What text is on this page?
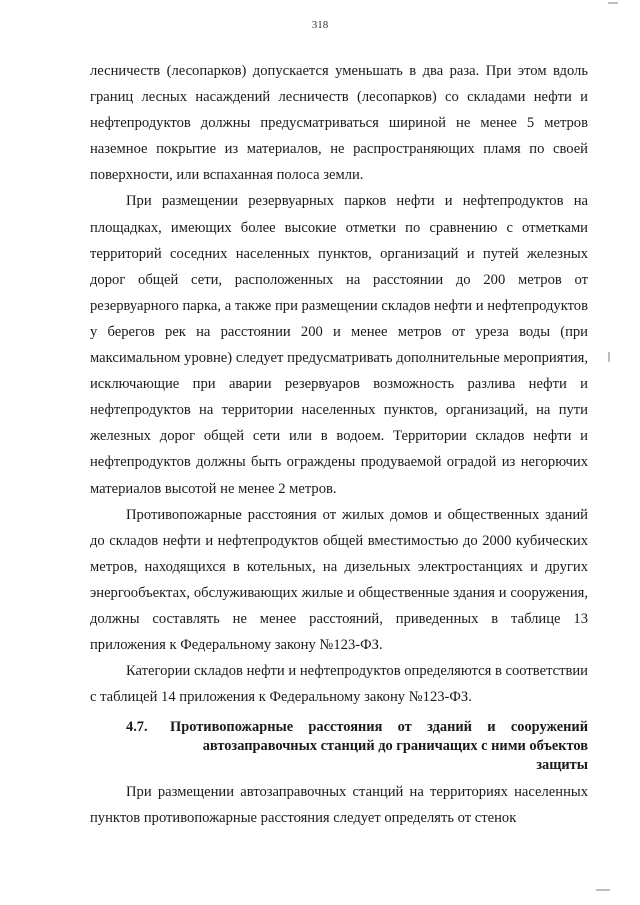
318

лесничеств (лесопарков) допускается уменьшать в два раза. При этом вдоль границ лесных насаждений лесничеств (лесопарков) со складами нефти и нефтепродуктов должны предусматриваться шириной не менее 5 метров наземное покрытие из материалов, не распространяющих пламя по своей поверхности, или вспаханная полоса земли.

При размещении резервуарных парков нефти и нефтепродуктов на площадках, имеющих более высокие отметки по сравнению с отметками территорий соседних населенных пунктов, организаций и путей железных дорог общей сети, расположенных на расстоянии до 200 метров от резервуарного парка, а также при размещении складов нефти и нефтепродуктов у берегов рек на расстоянии 200 и менее метров от уреза воды (при максимальном уровне) следует предусматривать дополнительные мероприятия, исключающие при аварии резервуаров возможность разлива нефти и нефтепродуктов на территории населенных пунктов, организаций, на пути железных дорог общей сети или в водоем. Территории складов нефти и нефтепродуктов должны быть ограждены продуваемой оградой из негорючих материалов высотой не менее 2 метров.

Противопожарные расстояния от жилых домов и общественных зданий до складов нефти и нефтепродуктов общей вместимостью до 2000 кубических метров, находящихся в котельных, на дизельных электростанциях и других энергообъектах, обслуживающих жилые и общественные здания и сооружения, должны составлять не менее расстояний, приведенных в таблице 13 приложения к Федеральному закону №123-ФЗ.

Категории складов нефти и нефтепродуктов определяются в соответствии с таблицей 14 приложения к Федеральному закону №123-ФЗ.

4.7.	Противопожарные расстояния от зданий и сооружений
автозаправочных станций до граничащих с ними объектов защиты

При размещении автозаправочных станций на территориях населенных пунктов противопожарные расстояния следует определять от стенок
